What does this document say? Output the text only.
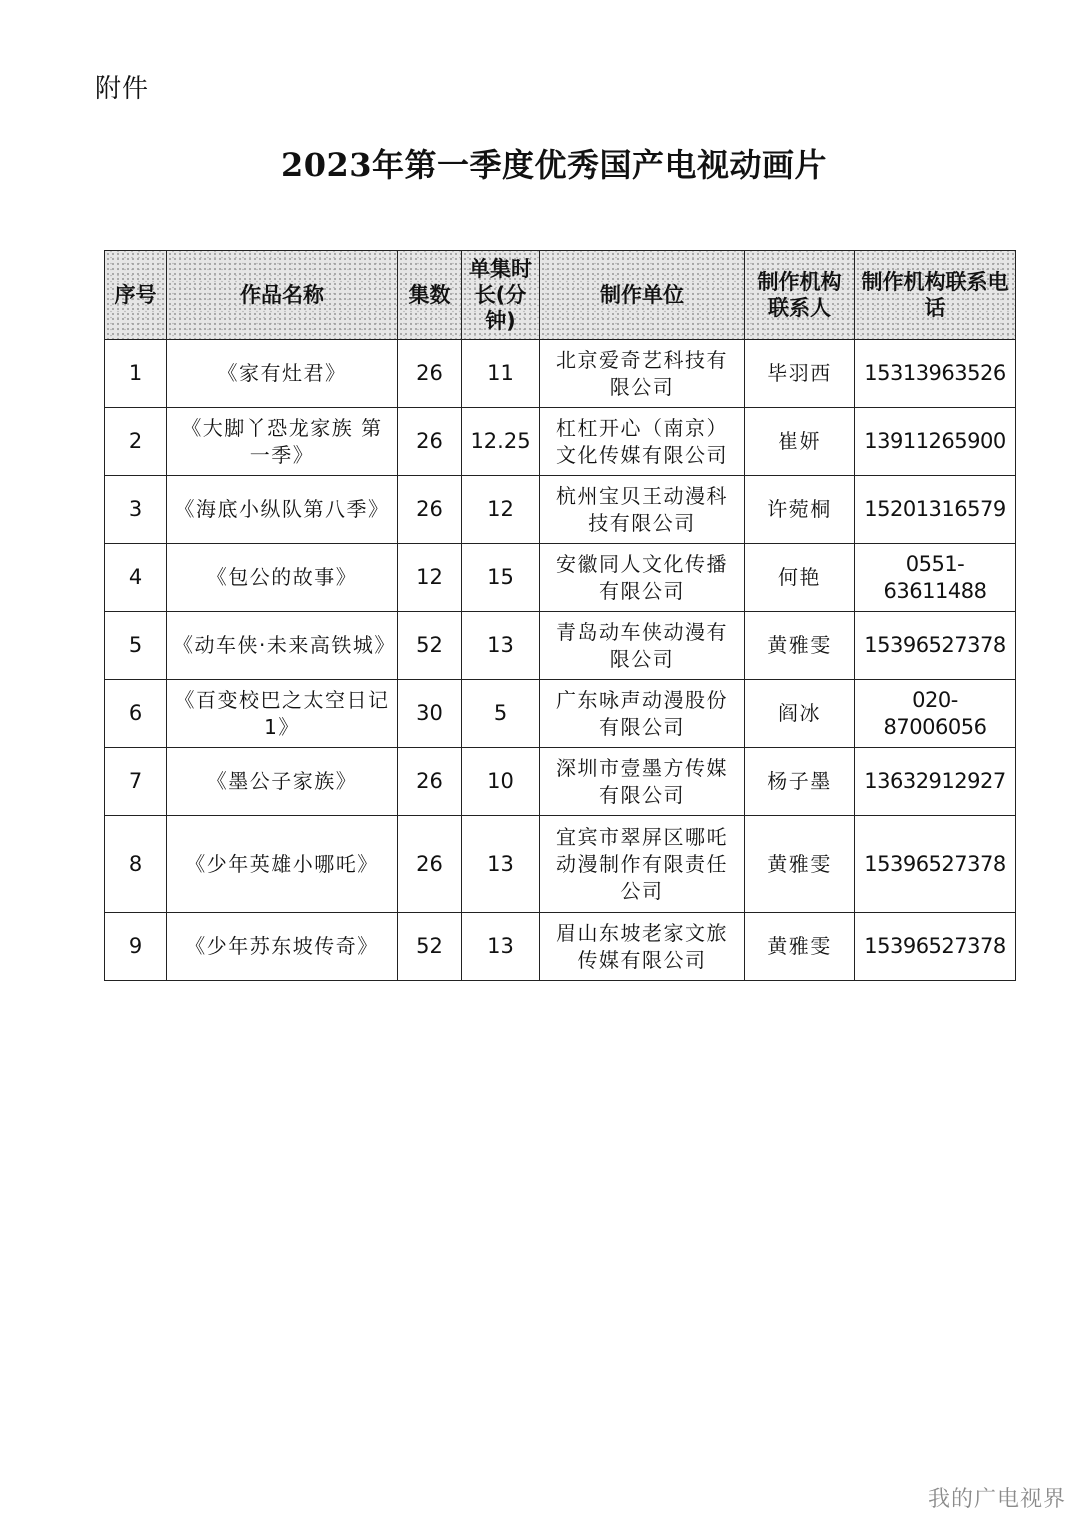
附件
2023年第一季度优秀国产电视动画片
序号	作品名称	集数	单集时长(分钟)	制作单位	制作机构联系人	制作机构联系电话
1	《家有灶君》	26	11	北京爱奇艺科技有限公司	毕羽西	15313963526
2	《大脚丫恐龙家族 第一季》	26	12.25	杠杠开心（南京）文化传媒有限公司	崔妍	13911265900
3	《海底小纵队第八季》	26	12	杭州宝贝王动漫科技有限公司	许菀桐	15201316579
4	《包公的故事》	12	15	安徽同人文化传播有限公司	何艳	0551-63611488
5	《动车侠·未来高铁城》	52	13	青岛动车侠动漫有限公司	黄雅雯	15396527378
6	《百变校巴之太空日记1》	30	5	广东咏声动漫股份有限公司	阎冰	020-87006056
7	《墨公子家族》	26	10	深圳市壹墨方传媒有限公司	杨子墨	13632912927
8	《少年英雄小哪吒》	26	13	宜宾市翠屏区哪吒动漫制作有限责任公司	黄雅雯	15396527378
9	《少年苏东坡传奇》	52	13	眉山东坡老家文旅传媒有限公司	黄雅雯	15396527378
我的广电视界
